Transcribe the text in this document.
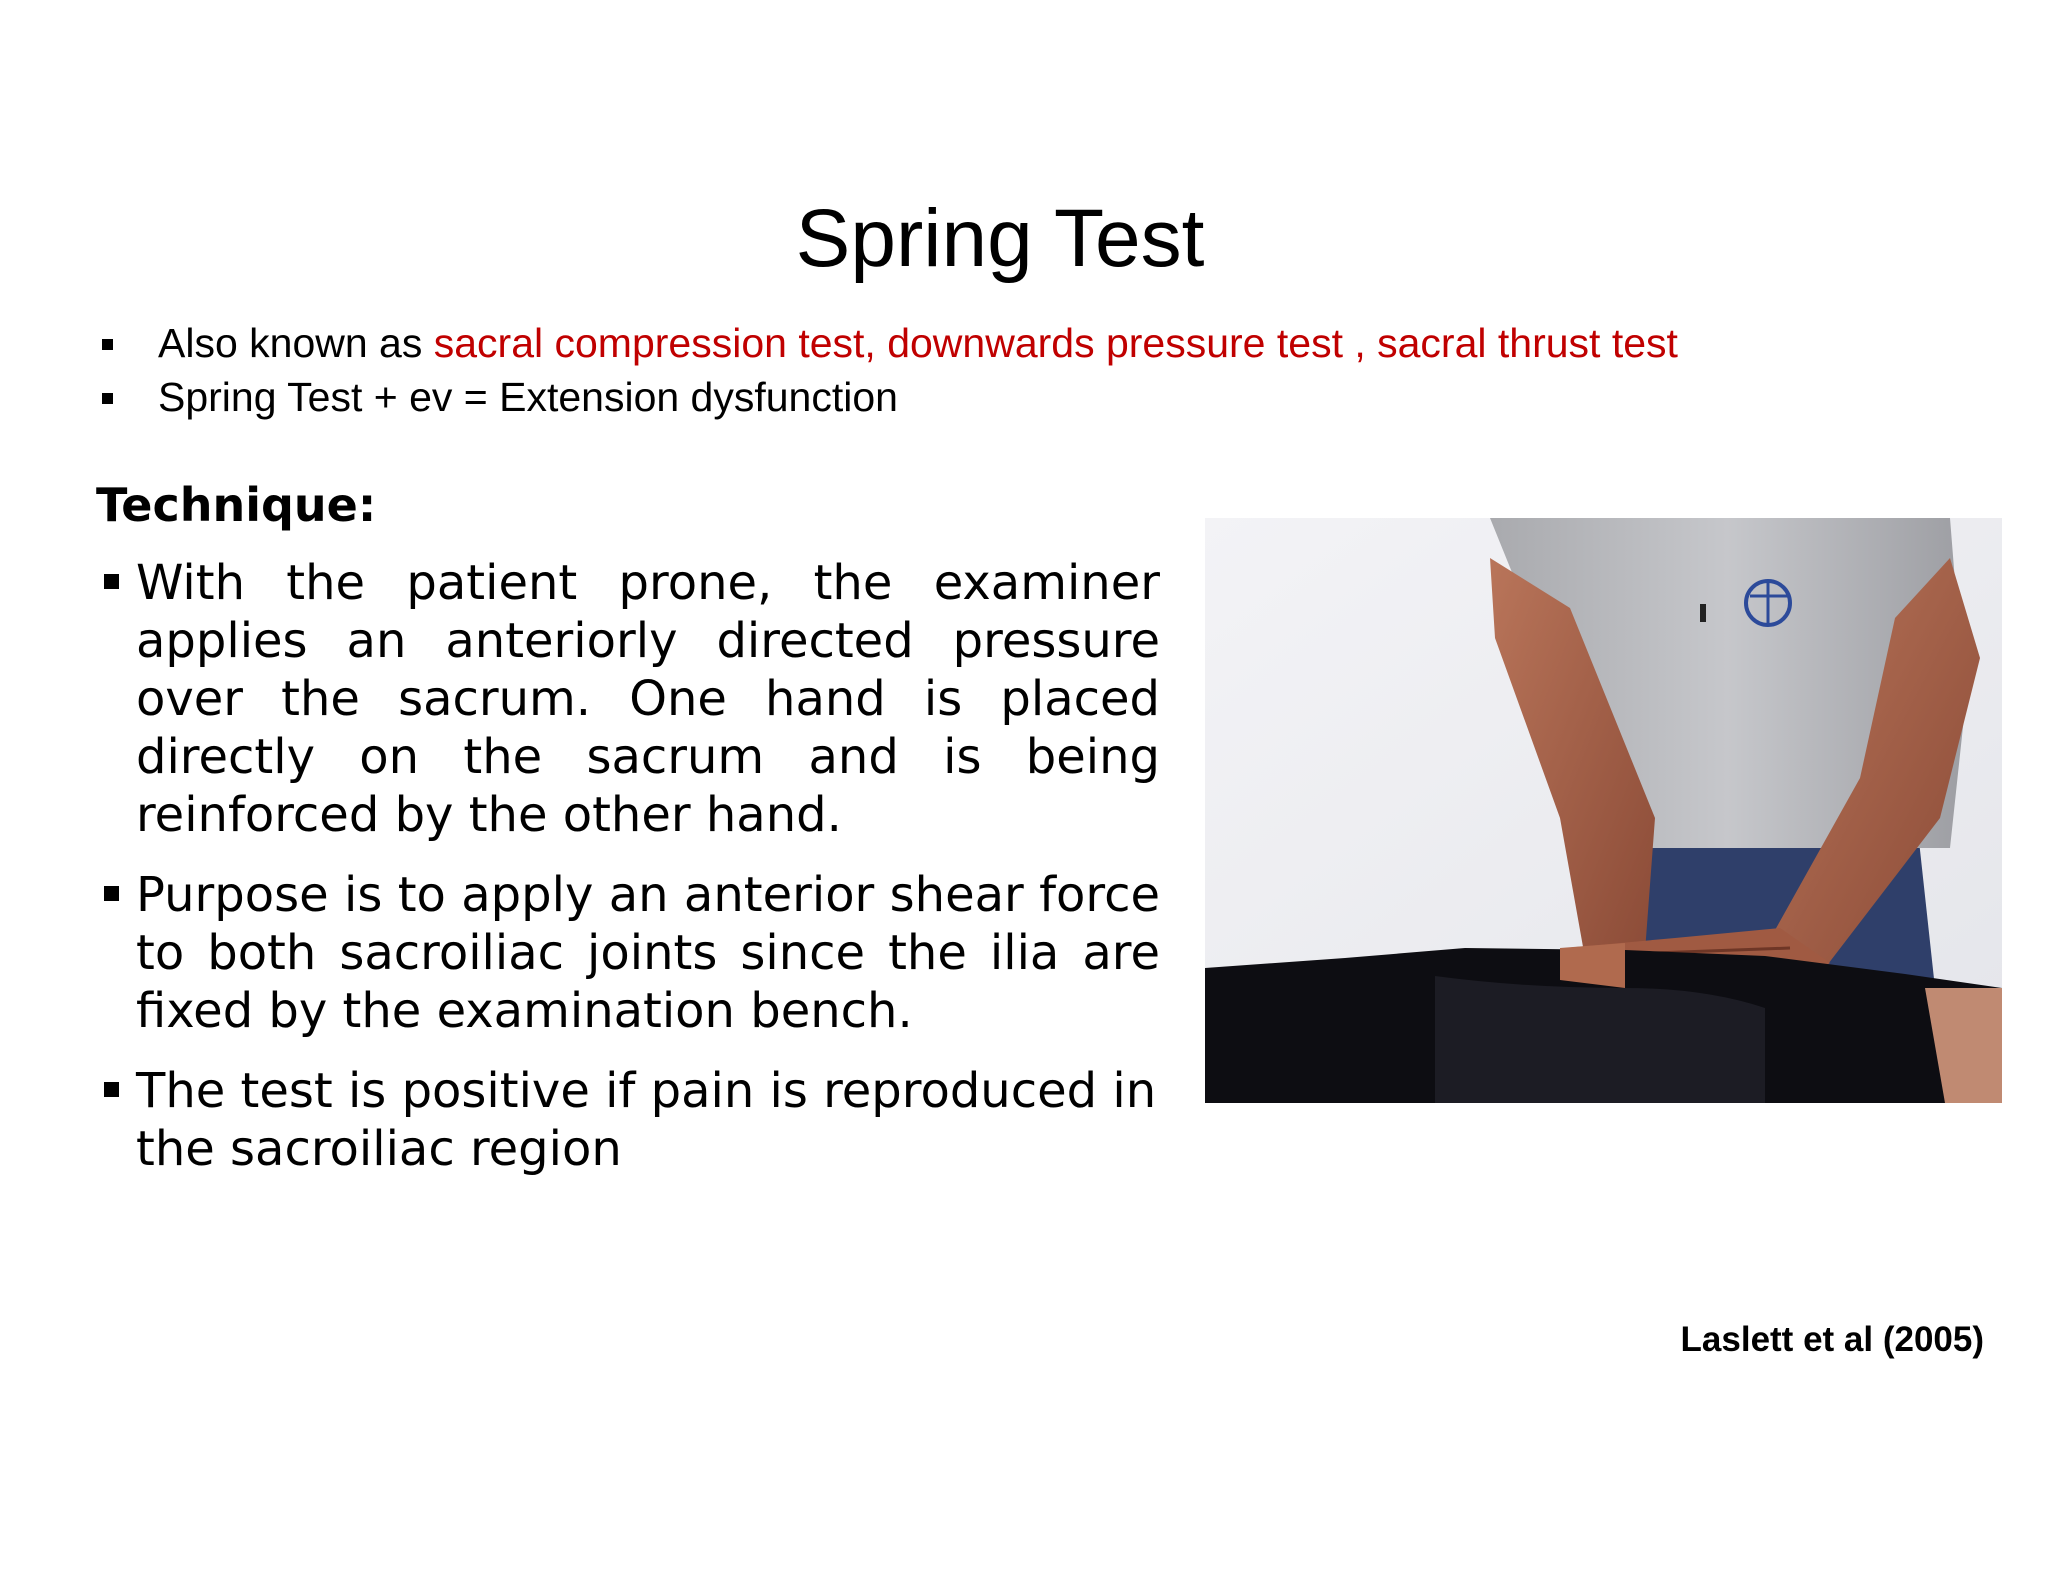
Spring Test
Also known as sacral compression test, downwards pressure test , sacral thrust test
Spring Test + ev = Extension dysfunction
Technique:
With the patient prone, the examiner applies an anteriorly directed pressure over the sacrum. One hand is placed directly on the sacrum and is being reinforced by the other hand.
Purpose is to apply an anterior shear force to both sacroiliac joints since the ilia are fixed by the examination bench.
The test is positive if pain is reproduced in the sacroiliac region

Laslett et al (2005)
